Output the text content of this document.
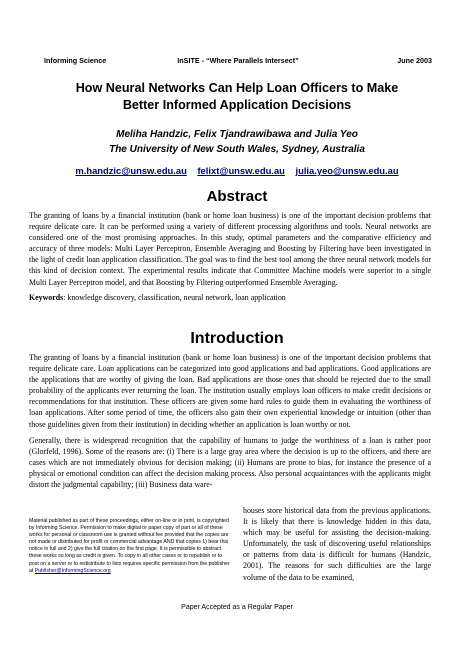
Informing Science	InSITE - “Where Parallels Intersect”	June 2003
How Neural Networks Can Help Loan Officers to Make
Better Informed Application Decisions
Meliha Handzic, Felix Tjandrawibawa and Julia Yeo
The University of New South Wales, Sydney, Australia
m.handzic@unsw.edu.au felixt@unsw.edu.au julia.yeo@unsw.edu.au
Abstract

The granting of loans by a financial institution (bank or home loan business) is one of the important decision problems that require delicate care. It can be performed using a variety of different processing algorithms and tools. Neural networks are considered one of the most promising approaches. In this study, optimal parameters and the comparative efficiency and accuracy of three models: Multi Layer Perceptron, Ensemble Averaging and Boosting by Filtering have been investigated in the light of credit loan application classification. The goal was to find the best tool among the three neural network models for this kind of decision context. The experimental results indicate that Committee Machine models were superior to a single Multi Layer Perceptron model, and that Boosting by Filtering outperformed Ensemble Averaging.

Keywords: knowledge discovery, classification, neural network, loan application

Introduction

The granting of loans by a financial institution (bank or home loan business) is one of the important decision problems that require delicate care. Loan applications can be categorized into good applications and bad applications. Good applications are the applications that are worthy of giving the loan. Bad applications are those ones that should be rejected due to the small probability of the applicants ever returning the loan. The institution usually employs loan officers to make credit decisions or recommendations for that institution. These officers are given some hard rules to guide them in evaluating the worthiness of loan applications. After some period of time, the officers also gain their own experiential knowledge or intuition (other than those guidelines given from their institution) in deciding whether an application is loan worthy or not.

Generally, there is widespread recognition that the capability of humans to judge the worthiness of a loan is rather poor (Glorfeld, 1996). Some of the reasons are: (i) There is a large gray area where the decision is up to the officers, and there are cases which are not immediately obvious for decision making; (ii) Humans are prone to bias, for instance the presence of a physical or emotional condition can affect the decision making process. Also personal acquaintances with the applicants might distort the judgmental capability; (iii) Business data ware-

houses store historical data from the previous applications. It is likely that there is knowledge hidden in this data, which may be useful for assisting the decision-making. Unfortunately, the task of discovering useful relationships or patterns from data is difficult for humans (Handzic, 2001). The reasons for such difficulties are the large volume of the data to be examined,
Material published as part of these proceedings, either on-line or in print, is copyrighted by Informing Science. Permission to make digital or paper copy of part or all of these works for personal or classroom use is granted without fee provided that the copies are not made or distributed for profit or commercial advantage AND that copies 1) bear this notice in full and 2) give the full citation on the first page. It is permissible to abstract these works so long as credit is given. To copy in all other cases or to republish or to post on a server or to redistribute to lists requires specific permission from the publisher at Publisher@InformingScience.org
Paper Accepted as a Regular Paper
